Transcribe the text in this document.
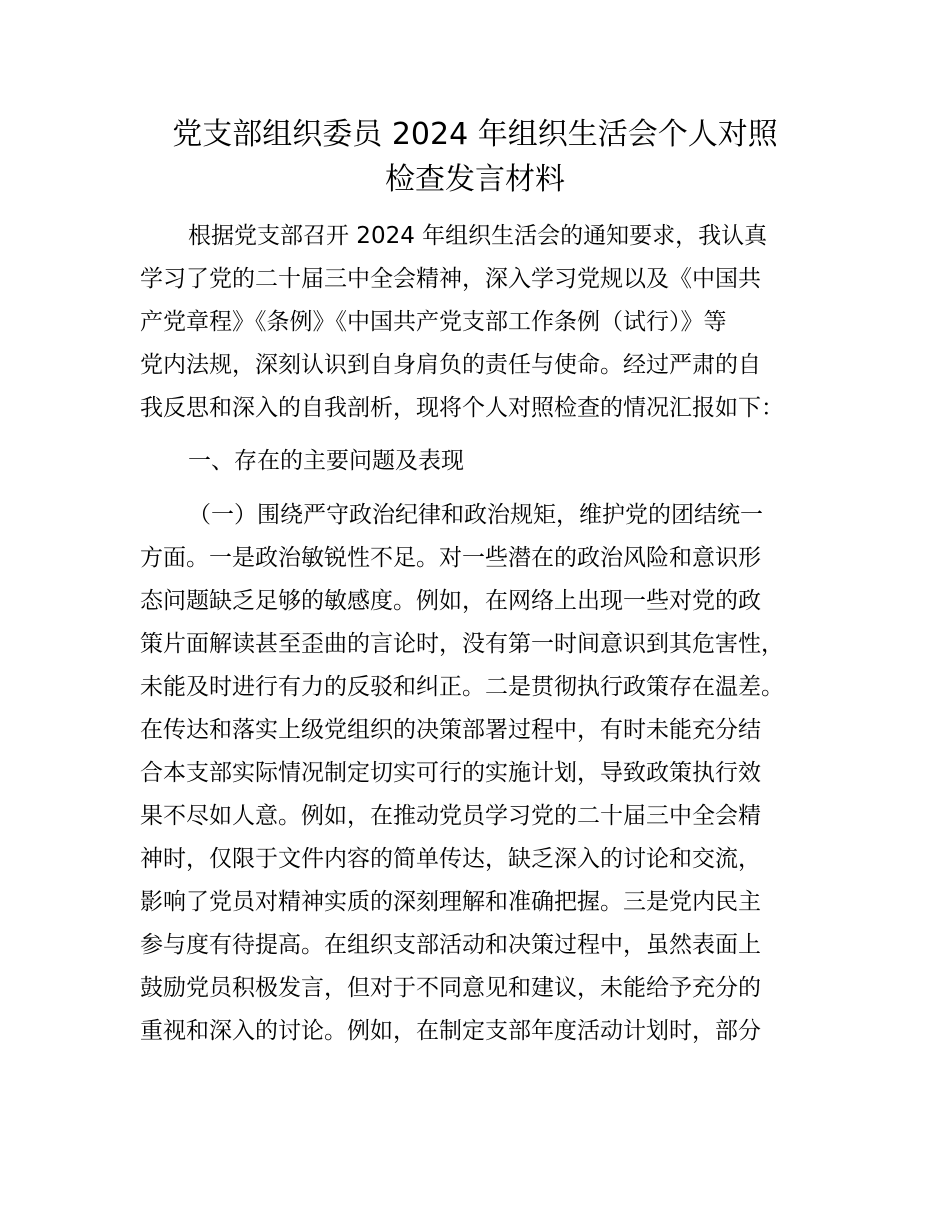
党支部组织委员 2024 年组织生活会个人对照
检查发言材料
根据党支部召开 2024 年组织生活会的通知要求，我认真
学习了党的二十届三中全会精神，深入学习党规以及《中国共
产党章程》《条例》《中国共产党支部工作条例（试行）》等
党内法规，深刻认识到自身肩负的责任与使命。经过严肃的自
我反思和深入的自我剖析，现将个人对照检查的情况汇报如下：
一、存在的主要问题及表现
（一）围绕严守政治纪律和政治规矩，维护党的团结统一
方面。一是政治敏锐性不足。对一些潜在的政治风险和意识形
态问题缺乏足够的敏感度。例如，在网络上出现一些对党的政
策片面解读甚至歪曲的言论时，没有第一时间意识到其危害性，
未能及时进行有力的反驳和纠正。二是贯彻执行政策存在温差。
在传达和落实上级党组织的决策部署过程中，有时未能充分结
合本支部实际情况制定切实可行的实施计划，导致政策执行效
果不尽如人意。例如，在推动党员学习党的二十届三中全会精
神时，仅限于文件内容的简单传达，缺乏深入的讨论和交流，
影响了党员对精神实质的深刻理解和准确把握。三是党内民主
参与度有待提高。在组织支部活动和决策过程中，虽然表面上
鼓励党员积极发言，但对于不同意见和建议，未能给予充分的
重视和深入的讨论。例如，在制定支部年度活动计划时，部分
